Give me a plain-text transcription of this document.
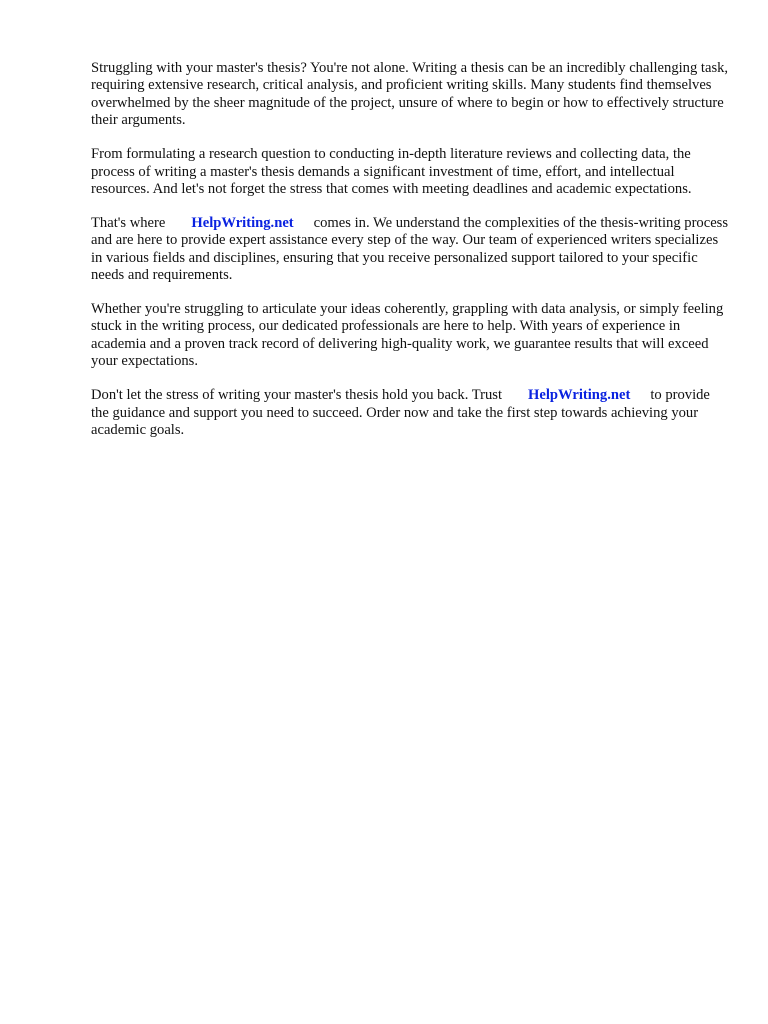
Struggling with your master's thesis? You're not alone. Writing a thesis can be an incredibly challenging task, requiring extensive research, critical analysis, and proficient writing skills. Many students find themselves overwhelmed by the sheer magnitude of the project, unsure of where to begin or how to effectively structure their arguments.

From formulating a research question to conducting in-depth literature reviews and collecting data, the process of writing a master's thesis demands a significant investment of time, effort, and intellectual resources. And let's not forget the stress that comes with meeting deadlines and academic expectations.

That's where HelpWriting.net comes in. We understand the complexities of the thesis-writing process and are here to provide expert assistance every step of the way. Our team of experienced writers specializes in various fields and disciplines, ensuring that you receive personalized support tailored to your specific needs and requirements.

Whether you're struggling to articulate your ideas coherently, grappling with data analysis, or simply feeling stuck in the writing process, our dedicated professionals are here to help. With years of experience in academia and a proven track record of delivering high-quality work, we guarantee results that will exceed your expectations.

Don't let the stress of writing your master's thesis hold you back. Trust HelpWriting.net to provide the guidance and support you need to succeed. Order now and take the first step towards achieving your academic goals.
